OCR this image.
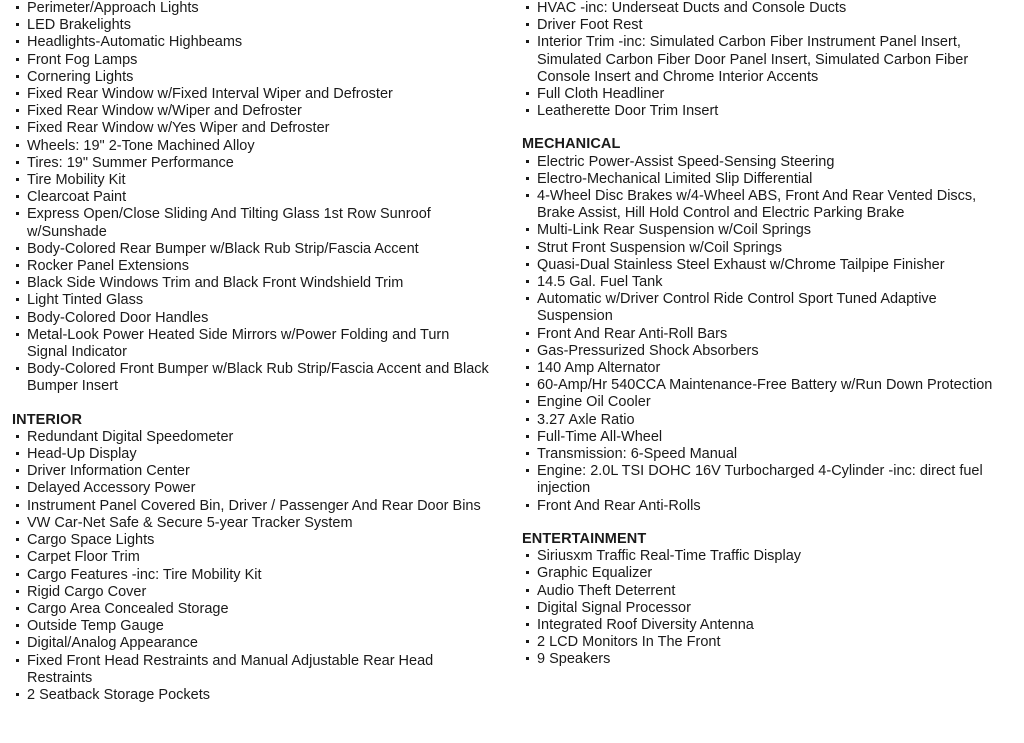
Perimeter/Approach Lights
LED Brakelights
Headlights-Automatic Highbeams
Front Fog Lamps
Cornering Lights
Fixed Rear Window w/Fixed Interval Wiper and Defroster
Fixed Rear Window w/Wiper and Defroster
Fixed Rear Window w/Yes Wiper and Defroster
Wheels: 19" 2-Tone Machined Alloy
Tires: 19" Summer Performance
Tire Mobility Kit
Clearcoat Paint
Express Open/Close Sliding And Tilting Glass 1st Row Sunroof w/Sunshade
Body-Colored Rear Bumper w/Black Rub Strip/Fascia Accent
Rocker Panel Extensions
Black Side Windows Trim and Black Front Windshield Trim
Light Tinted Glass
Body-Colored Door Handles
Metal-Look Power Heated Side Mirrors w/Power Folding and Turn Signal Indicator
Body-Colored Front Bumper w/Black Rub Strip/Fascia Accent and Black Bumper Insert
INTERIOR
Redundant Digital Speedometer
Head-Up Display
Driver Information Center
Delayed Accessory Power
Instrument Panel Covered Bin, Driver / Passenger And Rear Door Bins
VW Car-Net Safe & Secure 5-year Tracker System
Cargo Space Lights
Carpet Floor Trim
Cargo Features -inc: Tire Mobility Kit
Rigid Cargo Cover
Cargo Area Concealed Storage
Outside Temp Gauge
Digital/Analog Appearance
Fixed Front Head Restraints and Manual Adjustable Rear Head Restraints
2 Seatback Storage Pockets
HVAC -inc: Underseat Ducts and Console Ducts
Driver Foot Rest
Interior Trim -inc: Simulated Carbon Fiber Instrument Panel Insert, Simulated Carbon Fiber Door Panel Insert, Simulated Carbon Fiber Console Insert and Chrome Interior Accents
Full Cloth Headliner
Leatherette Door Trim Insert
MECHANICAL
Electric Power-Assist Speed-Sensing Steering
Electro-Mechanical Limited Slip Differential
4-Wheel Disc Brakes w/4-Wheel ABS, Front And Rear Vented Discs, Brake Assist, Hill Hold Control and Electric Parking Brake
Multi-Link Rear Suspension w/Coil Springs
Strut Front Suspension w/Coil Springs
Quasi-Dual Stainless Steel Exhaust w/Chrome Tailpipe Finisher
14.5 Gal. Fuel Tank
Automatic w/Driver Control Ride Control Sport Tuned Adaptive Suspension
Front And Rear Anti-Roll Bars
Gas-Pressurized Shock Absorbers
140 Amp Alternator
60-Amp/Hr 540CCA Maintenance-Free Battery w/Run Down Protection
Engine Oil Cooler
3.27 Axle Ratio
Full-Time All-Wheel
Transmission: 6-Speed Manual
Engine: 2.0L TSI DOHC 16V Turbocharged 4-Cylinder -inc: direct fuel injection
Front And Rear Anti-Rolls
ENTERTAINMENT
Siriusxm Traffic Real-Time Traffic Display
Graphic Equalizer
Audio Theft Deterrent
Digital Signal Processor
Integrated Roof Diversity Antenna
2 LCD Monitors In The Front
9 Speakers
